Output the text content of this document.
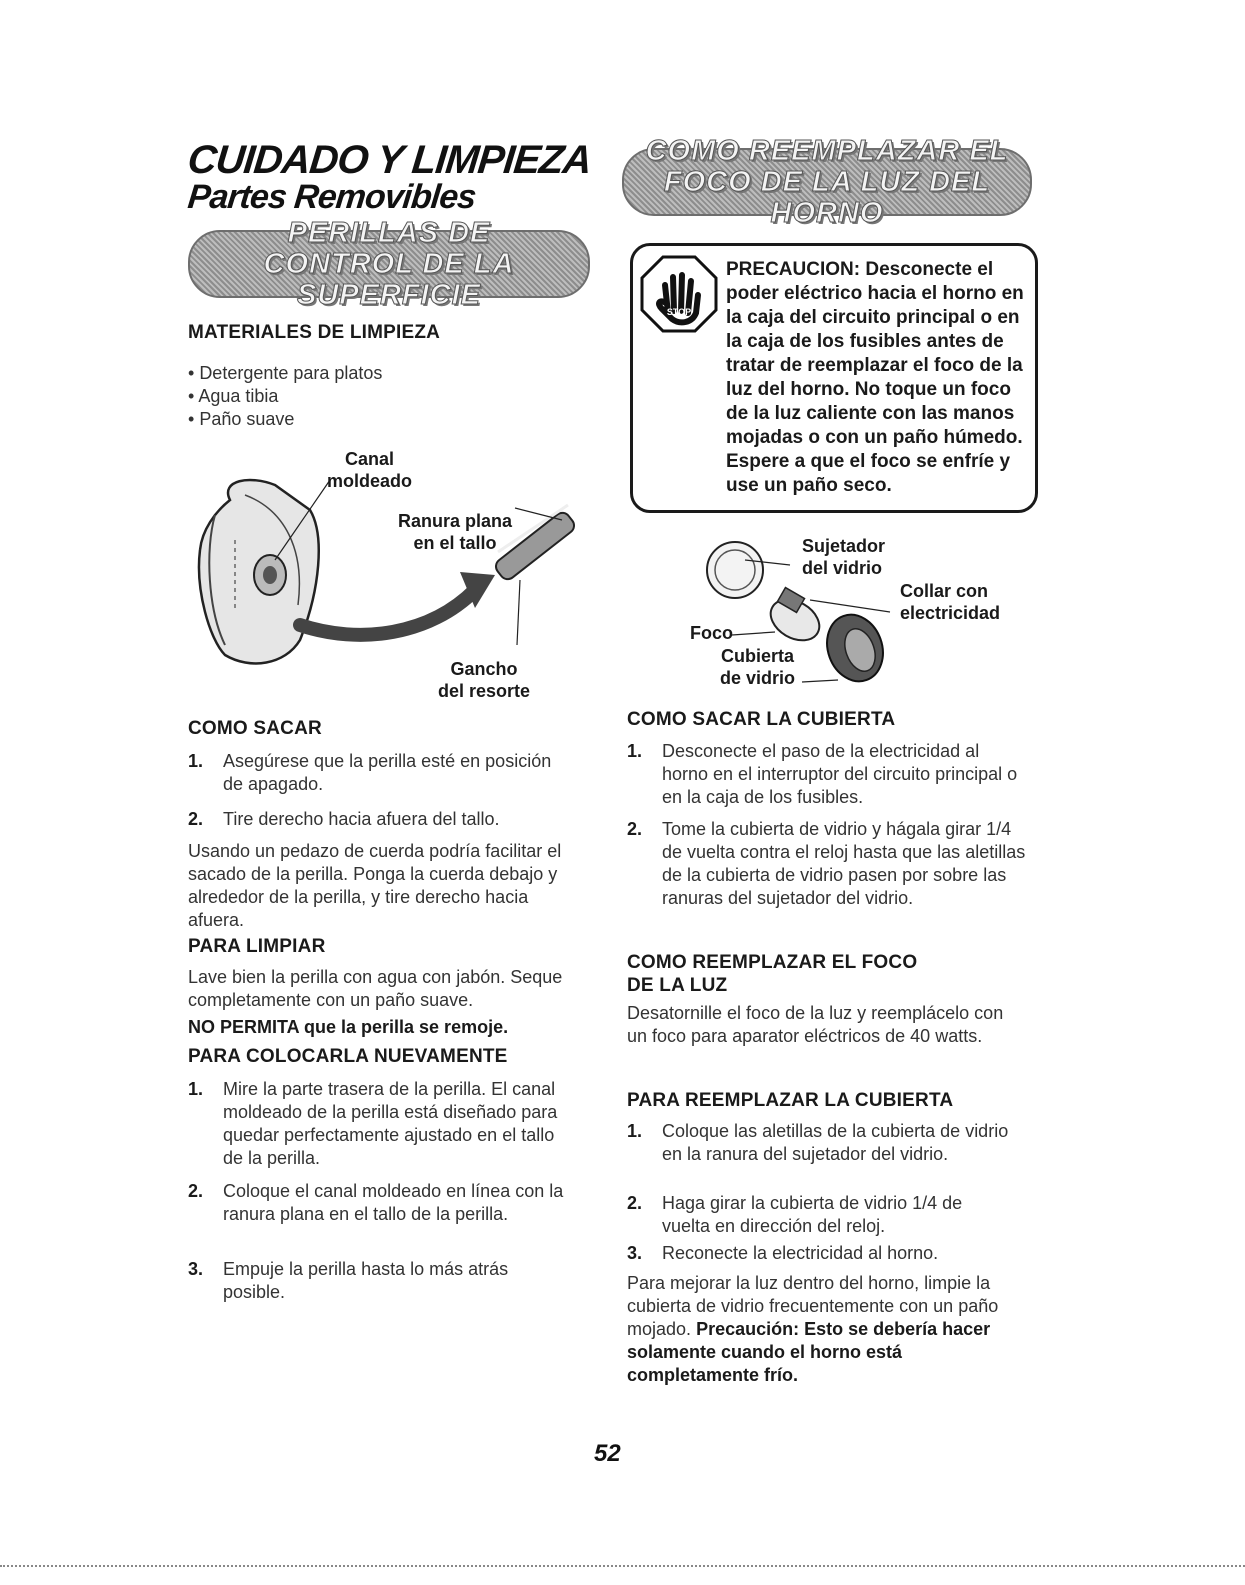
CUIDADO Y LIMPIEZA
Partes Removibles
PERILLAS DE
CONTROL DE LA SUPERFICIE
MATERIALES DE LIMPIEZA
• Detergente para platos
• Agua tibia
• Paño suave
Canal
moldeado
Ranura plana
en el tallo
Gancho
del resorte
COMO SACAR
1. Asegúrese que la perilla esté en posición de apagado.
2. Tire derecho hacia afuera del tallo.
Usando un pedazo de cuerda podría facilitar el sacado de la perilla. Ponga la cuerda debajo y alrededor de la perilla, y tire derecho hacia afuera.
PARA LIMPIAR
Lave bien la perilla con agua con jabón. Seque completamente con un paño suave.
NO PERMITA que la perilla se remoje.
PARA COLOCARLA NUEVAMENTE
1. Mire la parte trasera de la perilla. El canal moldeado de la perilla está diseñado para quedar perfectamente ajustado en el tallo de la perilla.
2. Coloque el canal moldeado en línea con la ranura plana en el tallo de la perilla.
3. Empuje la perilla hasta lo más atrás posible.
COMO REEMPLAZAR EL
FOCO DE LA LUZ DEL HORNO
STOP
PRECAUCION: Desconecte el poder eléctrico hacia el horno en la caja del circuito principal o en la caja de los fusibles antes de tratar de reemplazar el foco de la luz del horno. No toque un foco de la luz caliente con las manos mojadas o con un paño húmedo. Espere a que el foco se enfríe y use un paño seco.
Sujetador
del vidrio
Collar con
electricidad
Foco
Cubierta
de vidrio
COMO SACAR LA CUBIERTA
1. Desconecte el paso de la electricidad al horno en el interruptor del circuito principal o en la caja de los fusibles.
2. Tome la cubierta de vidrio y hágala girar 1/4 de vuelta contra el reloj hasta que las aletillas de la cubierta de vidrio pasen por sobre las ranuras del sujetador del vidrio.
COMO REEMPLAZAR EL FOCO
DE LA LUZ
Desatornille el foco de la luz y reemplácelo con un foco para aparator eléctricos de 40 watts.
PARA REEMPLAZAR LA CUBIERTA
1. Coloque las aletillas de la cubierta de vidrio en la ranura del sujetador del vidrio.
2. Haga girar la cubierta de vidrio 1/4 de vuelta en dirección del reloj.
3. Reconecte la electricidad al horno.
Para mejorar la luz dentro del horno, limpie la cubierta de vidrio frecuentemente con un paño mojado. Precaución: Esto se debería hacer solamente cuando el horno está completamente frío.
52
